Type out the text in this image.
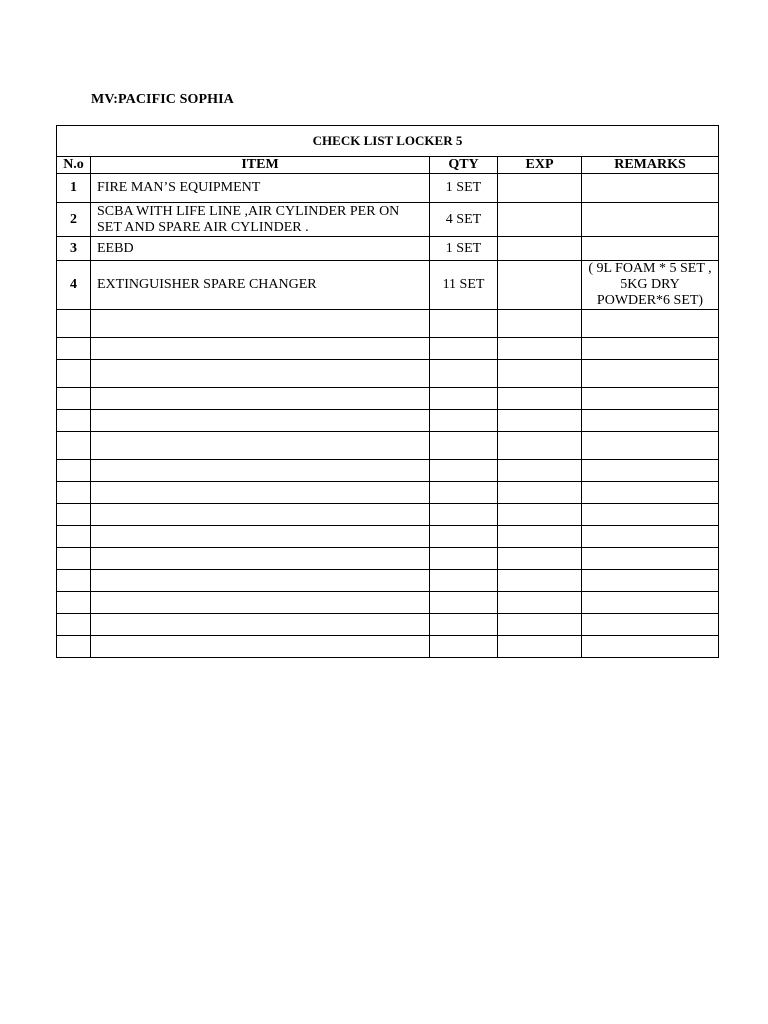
MV:PACIFIC SOPHIA
CHECK LIST LOCKER 5				
N.o	ITEM	QTY	EXP	REMARKS
1	FIRE MAN’S EQUIPMENT	1 SET		
2	SCBA WITH LIFE LINE ,AIR CYLINDER PER ON SET AND SPARE AIR CYLINDER .	4 SET		
3	EEBD	1 SET		
4	EXTINGUISHER SPARE CHANGER	11 SET		( 9L FOAM * 5 SET , 5KG DRY POWDER*6 SET)
